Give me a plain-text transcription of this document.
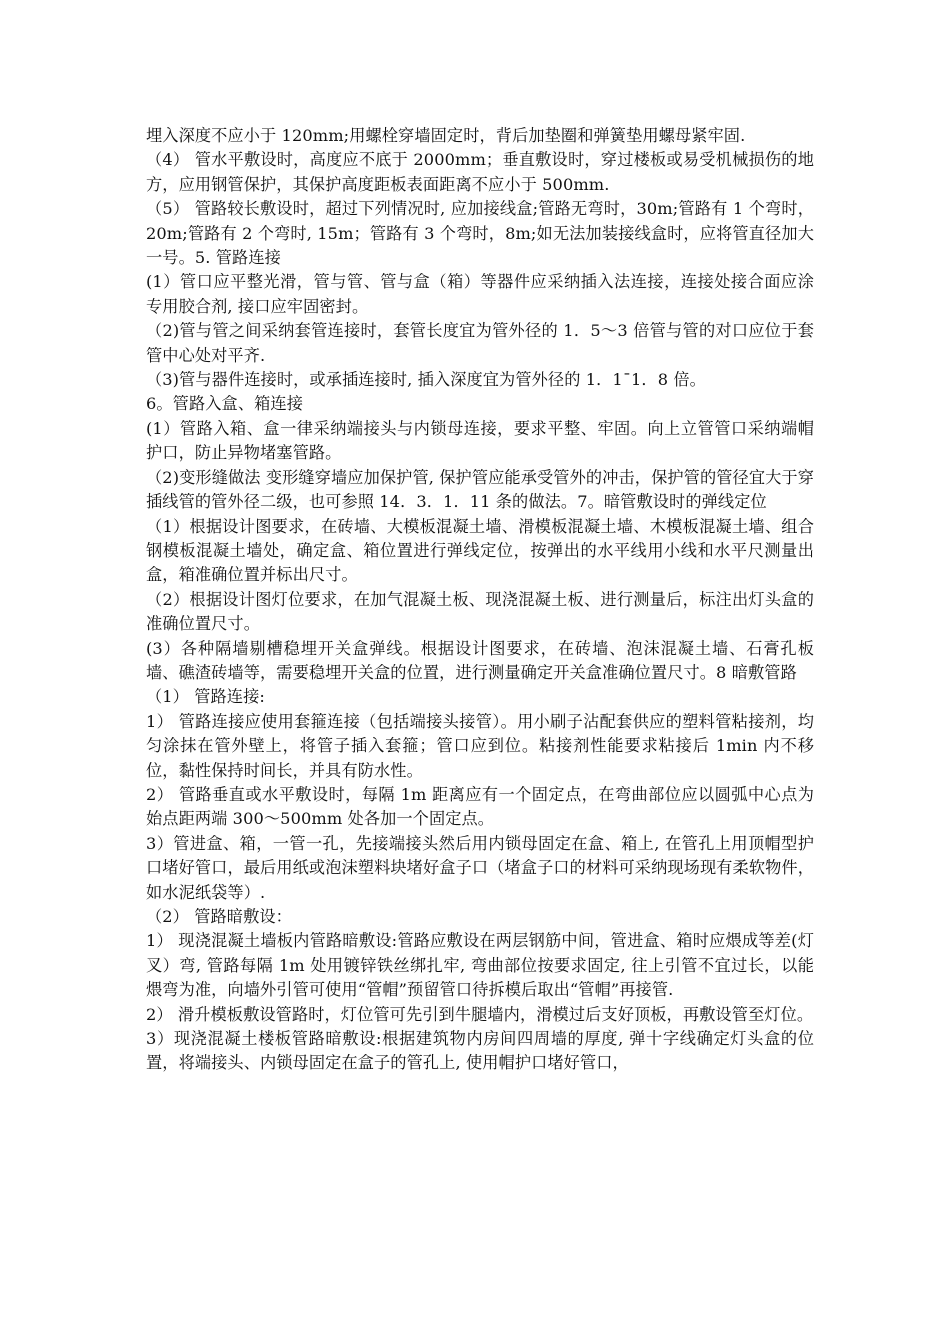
埋入深度不应小于 120mm;用螺栓穿墙固定时，背后加垫圈和弹簧垫用螺母紧牢固.

（4） 管水平敷设时，高度应不底于 2000mm；垂直敷设时，穿过楼板或易受机械损伤的地方，应用钢管保护，其保护高度距板表面距离不应小于 500mm.

（5） 管路较长敷设时，超过下列情况时, 应加接线盒;管路无弯时，30m;管路有 1 个弯时，20m;管路有 2 个弯时, 15m；管路有 3 个弯时，8m;如无法加装接线盒时，应将管直径加大一号。5. 管路连接

(1）管口应平整光滑，管与管、管与盒（箱）等器件应采纳插入法连接，连接处接合面应涂专用胶合剂, 接口应牢固密封。

（2)管与管之间采纳套管连接时，套管长度宜为管外径的 1．5～3 倍管与管的对口应位于套管中心处对平齐.

（3)管与器件连接时，或承插连接时, 插入深度宜为管外径的 1．1ˉ1．8 倍。

6。管路入盒、箱连接

(1）管路入箱、盒一律采纳端接头与内锁母连接，要求平整、牢固。向上立管管口采纳端帽护口，防止异物堵塞管路。

（2)变形缝做法 变形缝穿墙应加保护管, 保护管应能承受管外的冲击，保护管的管径宜大于穿插线管的管外径二级，也可参照 14．3．1．11 条的做法。7。暗管敷设时的弹线定位

（1）根据设计图要求，在砖墙、大模板混凝土墙、滑模板混凝土墙、木模板混凝土墙、组合钢模板混凝土墙处，确定盒、箱位置进行弹线定位，按弹出的水平线用小线和水平尺测量出盒，箱准确位置并标出尺寸。

（2）根据设计图灯位要求，在加气混凝土板、现浇混凝土板、进行测量后，标注出灯头盒的准确位置尺寸。

(3）各种隔墙剔槽稳埋开关盒弹线。根据设计图要求，在砖墙、泡沫混凝土墙、石膏孔板墙、礁渣砖墙等，需要稳埋开关盒的位置，进行测量确定开关盒准确位置尺寸。8 暗敷管路

（1） 管路连接:

1） 管路连接应使用套箍连接（包括端接头接管）。用小刷子沾配套供应的塑料管粘接剂，均匀涂抹在管外壁上，将管子插入套箍；管口应到位。粘接剂性能要求粘接后 1min 内不移位，黏性保持时间长，并具有防水性。

2） 管路垂直或水平敷设时，每隔 1m 距离应有一个固定点，在弯曲部位应以圆弧中心点为始点距两端 300～500mm 处各加一个固定点。

3）管进盒、箱，一管一孔，先接端接头然后用内锁母固定在盒、箱上, 在管孔上用顶帽型护口堵好管口，最后用纸或泡沫塑料块堵好盒子口（堵盒子口的材料可采纳现场现有柔软物件，如水泥纸袋等）.

（2） 管路暗敷设：

1） 现浇混凝土墙板内管路暗敷设:管路应敷设在两层钢筋中间，管进盒、箱时应煨成等差(灯叉）弯, 管路每隔 1m 处用镀锌铁丝绑扎牢, 弯曲部位按要求固定, 往上引管不宜过长，以能煨弯为准，向墙外引管可使用“管帽”预留管口待拆模后取出“管帽”再接管.

2） 滑升模板敷设管路时，灯位管可先引到牛腿墙内，滑模过后支好顶板，再敷设管至灯位。

3）现浇混凝土楼板管路暗敷设:根据建筑物内房间四周墙的厚度, 弹十字线确定灯头盒的位置，将端接头、内锁母固定在盒子的管孔上, 使用帽护口堵好管口，
